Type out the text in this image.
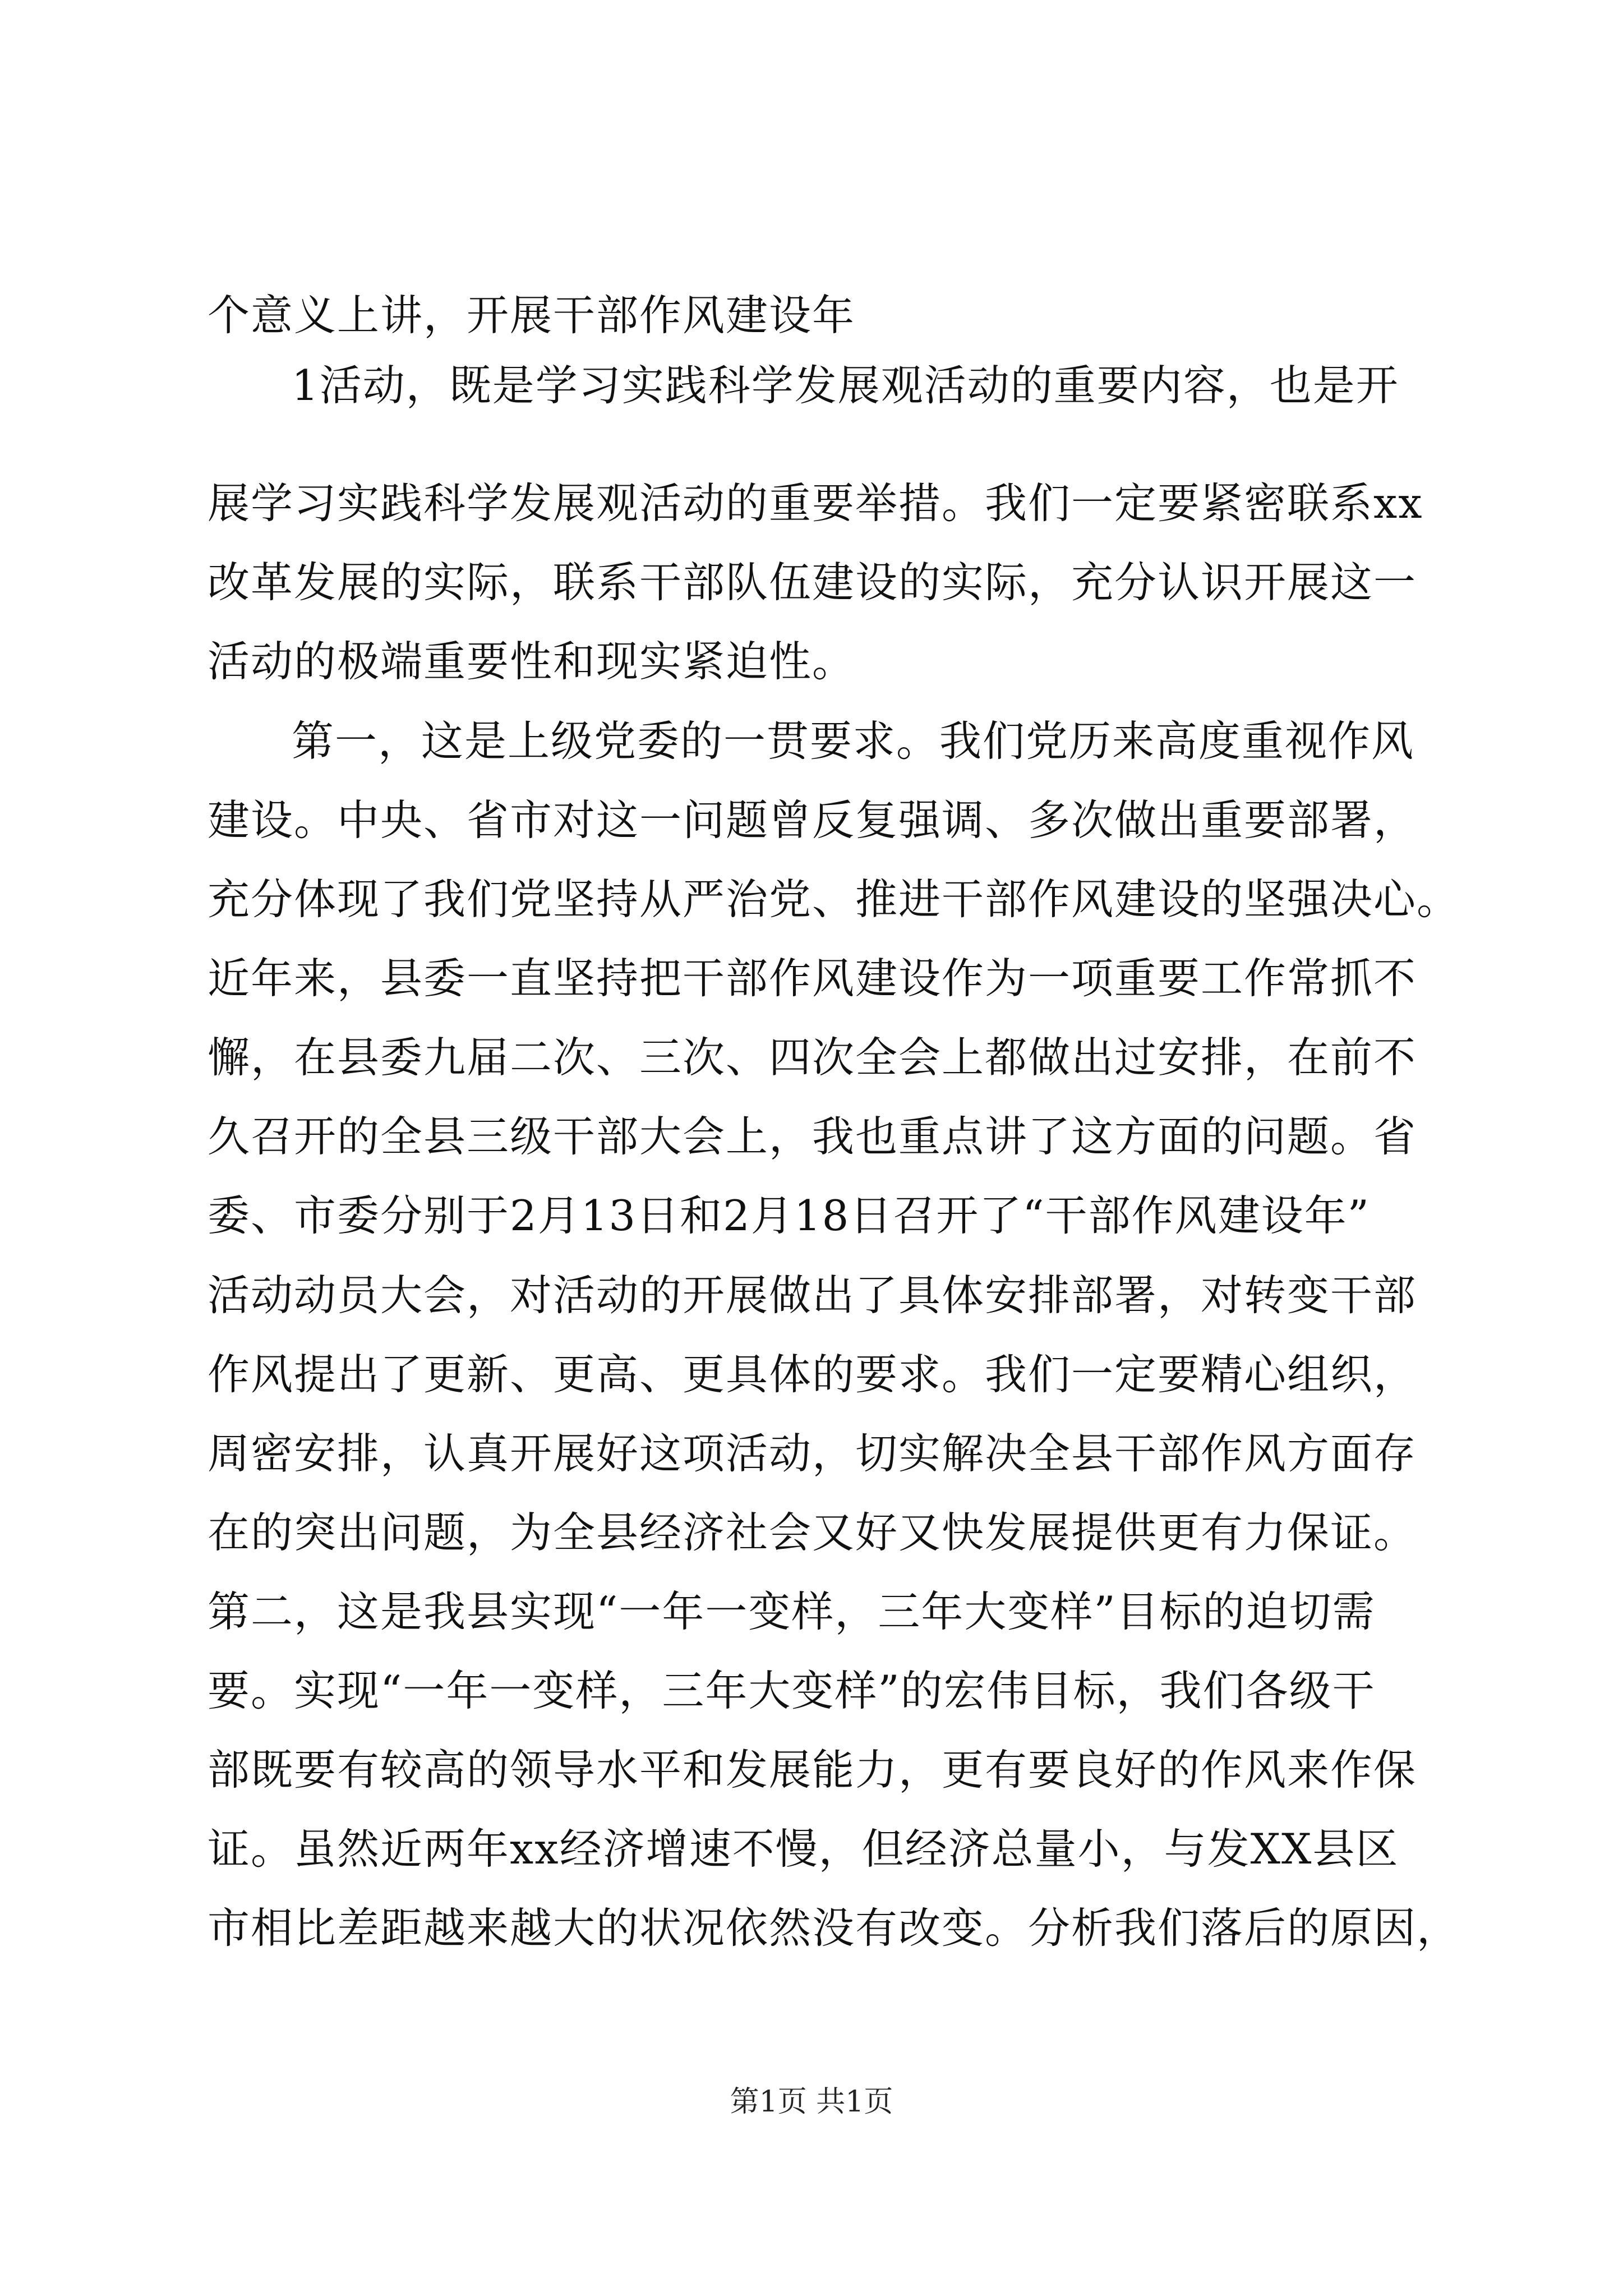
个意义上讲，开展干部作风建设年
1活动，既是学习实践科学发展观活动的重要内容，也是开
展学习实践科学发展观活动的重要举措。我们一定要紧密联系xx
改革发展的实际，联系干部队伍建设的实际，充分认识开展这一
活动的极端重要性和现实紧迫性。
第一，这是上级党委的一贯要求。我们党历来高度重视作风
建设。中央、省市对这一问题曾反复强调、多次做出重要部署，
充分体现了我们党坚持从严治党、推进干部作风建设的坚强决心。
近年来，县委一直坚持把干部作风建设作为一项重要工作常抓不
懈，在县委九届二次、三次、四次全会上都做出过安排，在前不
久召开的全县三级干部大会上，我也重点讲了这方面的问题。省
委、市委分别于2月13日和2月18日召开了“干部作风建设年”
活动动员大会，对活动的开展做出了具体安排部署，对转变干部
作风提出了更新、更高、更具体的要求。我们一定要精心组织，
周密安排，认真开展好这项活动，切实解决全县干部作风方面存
在的突出问题，为全县经济社会又好又快发展提供更有力保证。
第二，这是我县实现“一年一变样，三年大变样”目标的迫切需
要。实现“一年一变样，三年大变样”的宏伟目标，我们各级干
部既要有较高的领导水平和发展能力，更有要良好的作风来作保
证。虽然近两年xx经济增速不慢，但经济总量小，与发XX县区
市相比差距越来越大的状况依然没有改变。分析我们落后的原因，
第1页 共1页
